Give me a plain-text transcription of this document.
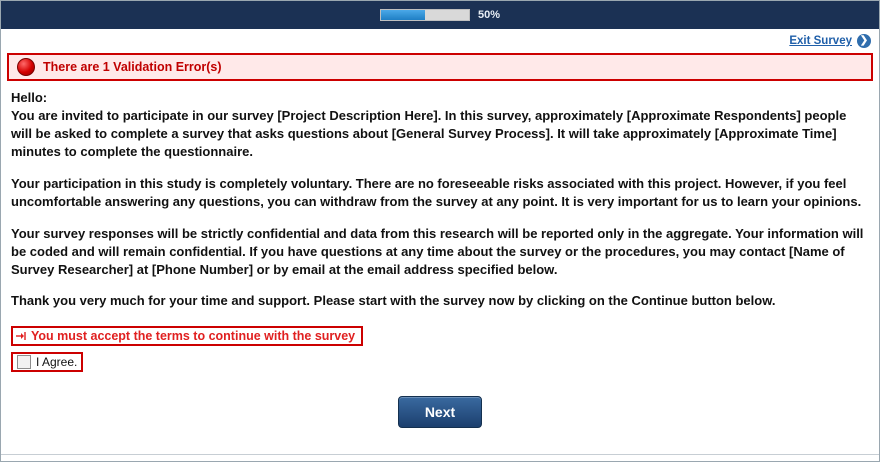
50%
Exit Survey ❯
There are 1 Validation Error(s)

Hello:

You are invited to participate in our survey [Project Description Here]. In this survey, approximately [Approximate Respondents] people will be asked to complete a survey that asks questions about [General Survey Process]. It will take approximately [Approximate Time] minutes to complete the questionnaire.

Your participation in this study is completely voluntary. There are no foreseeable risks associated with this project. However, if you feel uncomfortable answering any questions, you can withdraw from the survey at any point. It is very important for us to learn your opinions.

Your survey responses will be strictly confidential and data from this research will be reported only in the aggregate. Your information will be coded and will remain confidential. If you have questions at any time about the survey or the procedures, you may contact [Name of Survey Researcher] at [Phone Number] or by email at the email address specified below.

Thank you very much for your time and support. Please start with the survey now by clicking on the Continue button below.

You must accept the terms to continue with the survey
I Agree.
Next
